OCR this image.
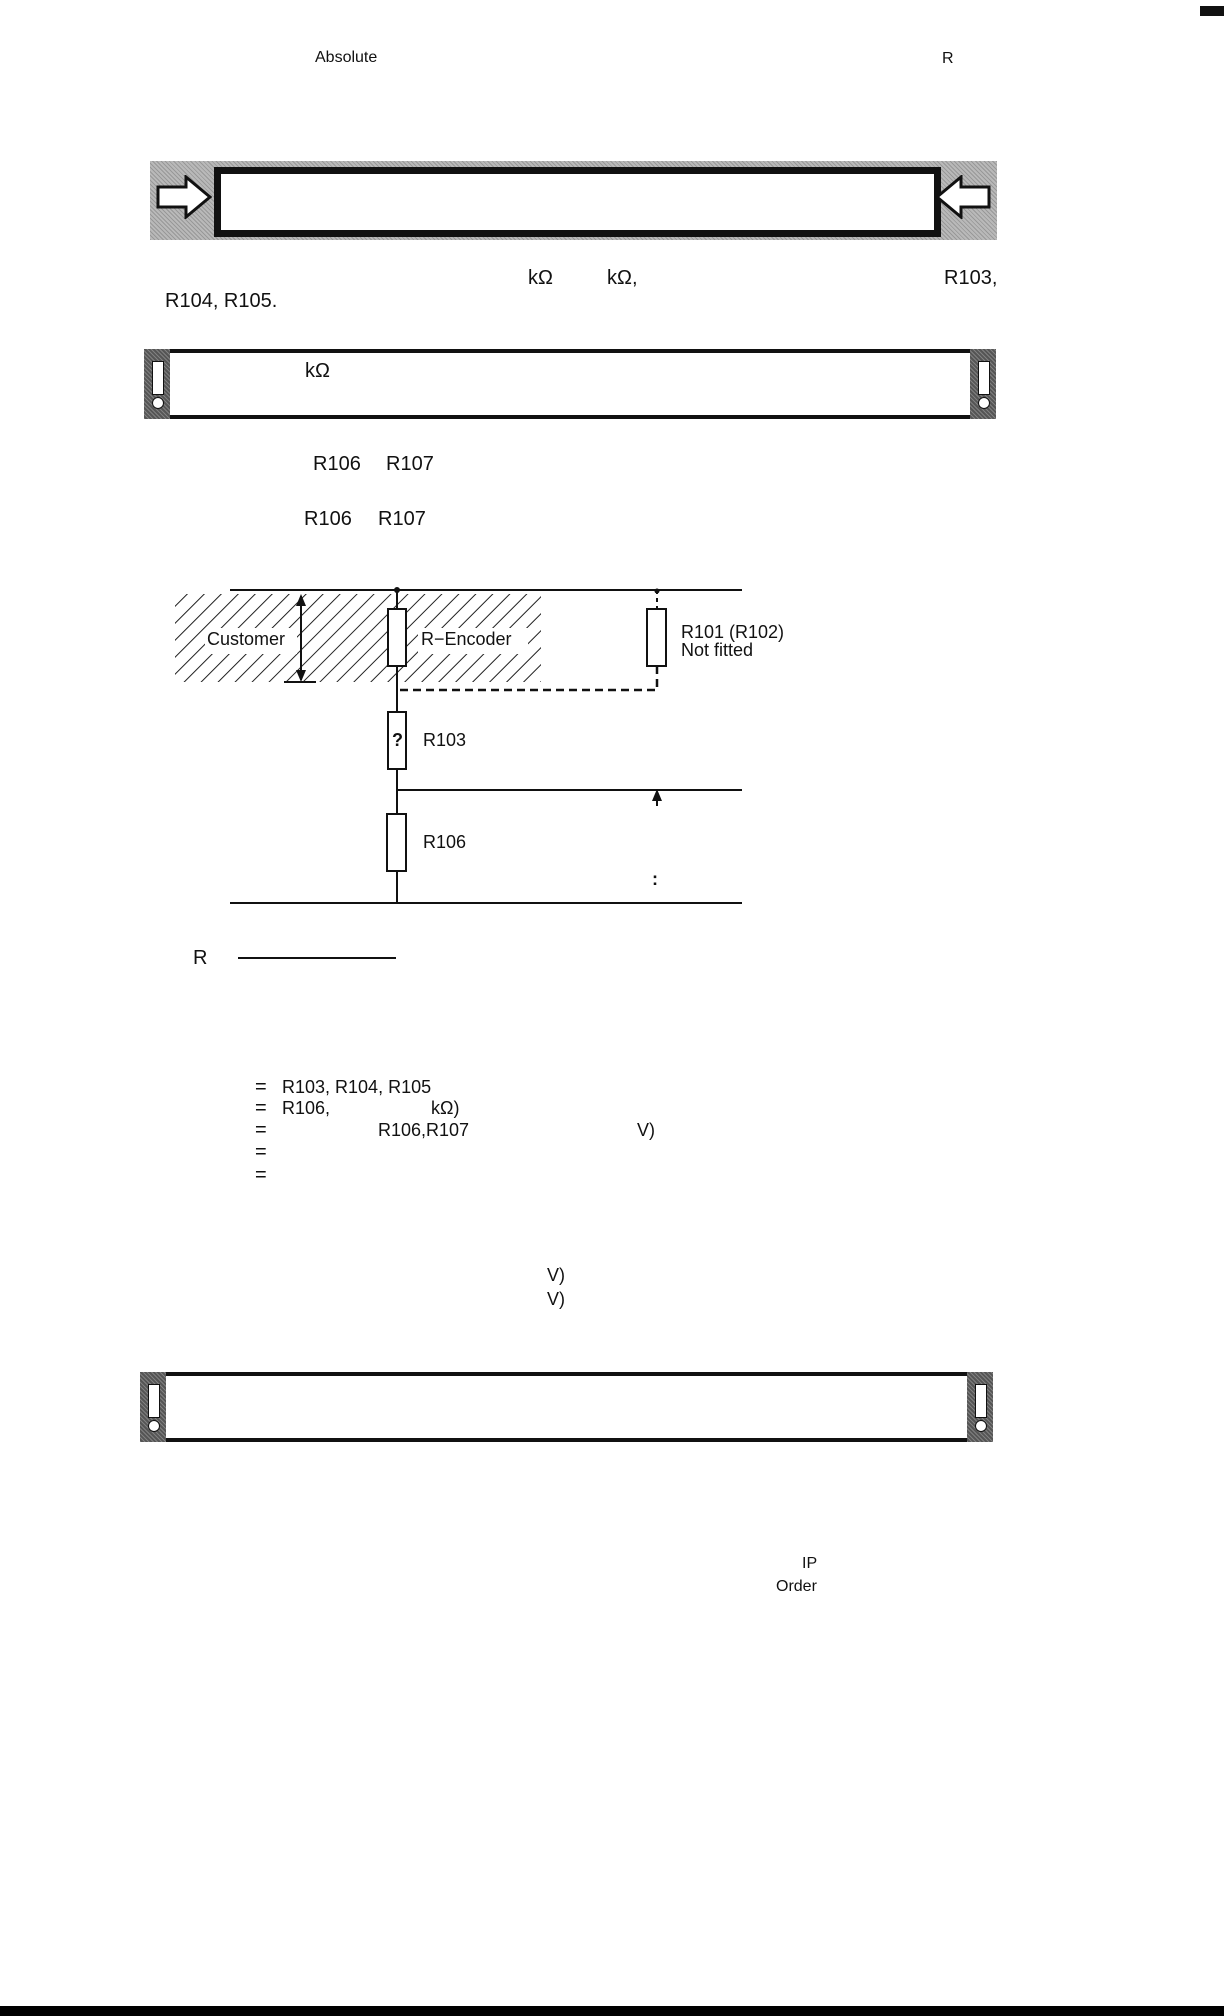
Absolute	R
kΩ	kΩ,	R103,
R104, R105.
kΩ
R106 R107
R106 R107
Customer	R−Encoder	R101 (R102)
Not fitted
? R103
R106
:
R
= R103, R104, R105
= R106,	kΩ)
=	R106,R107	V)
=
=
V)
V)
IP
Order
